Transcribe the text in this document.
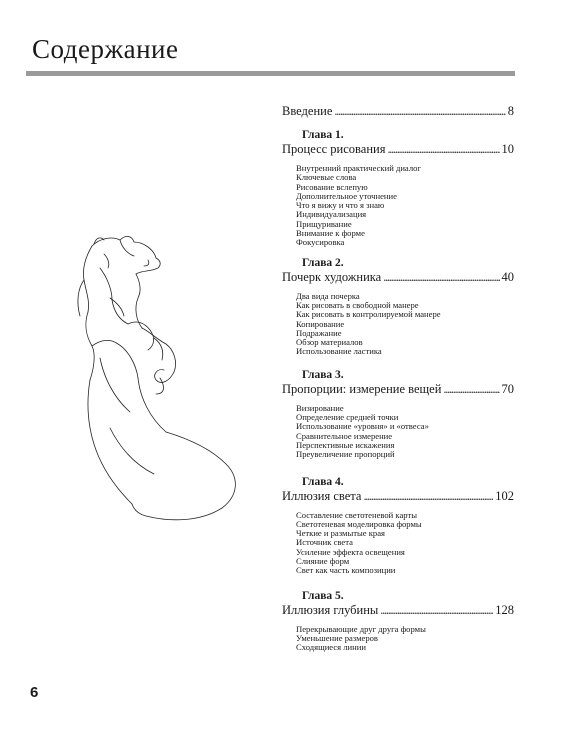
Содержание
Введение . . .	8
Глава 1.
Процесс рисования . . .	10
Внутренний практический диалог
Ключевые слова
Рисование вслепую
Дополнительное уточнение
Что я вижу и что я знаю
Индивидуализация
Прищуривание
Внимание к форме
Фокусировка
Глава 2.
Почерк художника . . .	40
Два вида почерка
Как рисовать в свободной манере
Как рисовать в контролируемой манере
Копирование
Подражание
Обзор материалов
Использование ластика
Глава 3.
Пропорции: измерение вещей . . .	70
Визирование
Определение средней точки
Использование «уровня» и «отвеса»
Сравнительное измерение
Перспективные искажения
Преувеличение пропорций
Глава 4.
Иллюзия света . . .	102
Составление светотеневой карты
Светотеневая моделировка формы
Четкие и размытые края
Источник света
Усиление эффекта освещения
Слияние форм
Свет как часть композиции
Глава 5.
Иллюзия глубины . . .	128
Перекрывающие друг друга формы
Уменьшение размеров
Сходящиеся линии
6
